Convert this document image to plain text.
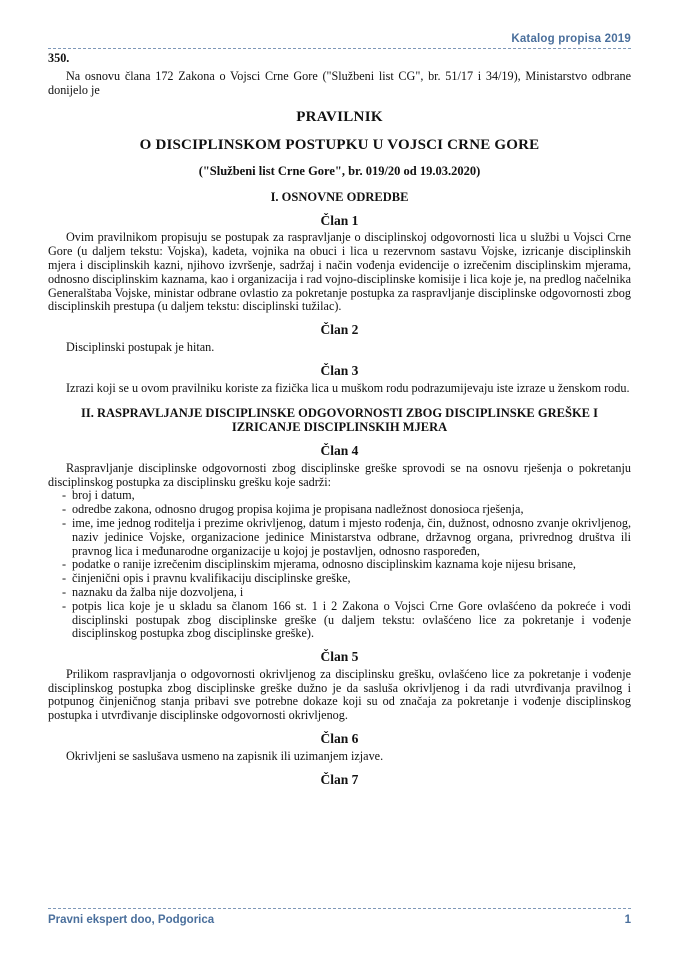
Katalog propisa 2019
350.

Na osnovu člana 172 Zakona o Vojsci Crne Gore ("Službeni list CG", br. 51/17 i 34/19), Ministarstvo odbrane donijelo je

PRAVILNIK
O DISCIPLINSKOM POSTUPKU U VOJSCI CRNE GORE
("Službeni list Crne Gore", br. 019/20 od 19.03.2020)
I. OSNOVNE ODREDBE
Član 1

Ovim pravilnikom propisuju se postupak za raspravljanje o disciplinskoj odgovornosti lica u službi u Vojsci Crne Gore (u daljem tekstu: Vojska), kadeta, vojnika na obuci i lica u rezervnom sastavu Vojske, izricanje disciplinskih mjera i disciplinskih kazni, njihovo izvršenje, sadržaj i način vođenja evidencije o izrečenim disciplinskim mjerama, odnosno disciplinskim kaznama, kao i organizacija i rad vojno-disciplinske komisije i lica koje je, na predlog načelnika Generalštaba Vojske, ministar odbrane ovlastio za pokretanje postupka za raspravljanje disciplinske odgovornosti zbog disciplinskih prestupa (u daljem tekstu: disciplinski tužilac).

Član 2

Disciplinski postupak je hitan.

Član 3

Izrazi koji se u ovom pravilniku koriste za fizička lica u muškom rodu podrazumijevaju iste izraze u ženskom rodu.

II. RASPRAVLJANJE DISCIPLINSKE ODGOVORNOSTI ZBOG DISCIPLINSKE GREŠKE I IZRICANJE DISCIPLINSKIH MJERA
Član 4

Raspravljanje disciplinske odgovornosti zbog disciplinske greške sprovodi se na osnovu rješenja o pokretanju disciplinskog postupka za disciplinsku grešku koje sadrži:

- broj i datum,
- odredbe zakona, odnosno drugog propisa kojima je propisana nadležnost donosioca rješenja,
- ime, ime jednog roditelja i prezime okrivljenog, datum i mjesto rođenja, čin, dužnost, odnosno zvanje okrivljenog, naziv jedinice Vojske, organizacione jedinice Ministarstva odbrane, državnog organa, privrednog društva ili pravnog lica i međunarodne organizacije u kojoj je postavljen, odnosno raspoređen,
- podatke o ranije izrečenim disciplinskim mjerama, odnosno disciplinskim kaznama koje nijesu brisane,
- činjenični opis i pravnu kvalifikaciju disciplinske greške,
- naznaku da žalba nije dozvoljena, i
- potpis lica koje je u skladu sa članom 166 st. 1 i 2 Zakona o Vojsci Crne Gore ovlašćeno da pokreće i vodi disciplinski postupak zbog disciplinske greške (u daljem tekstu: ovlašćeno lice za pokretanje i vođenje disciplinskog postupka zbog disciplinske greške).
Član 5

Prilikom raspravljanja o odgovornosti okrivljenog za disciplinsku grešku, ovlašćeno lice za pokretanje i vođenje disciplinskog postupka zbog disciplinske greške dužno je da sasluša okrivljenog i da radi utvrđivanja pravilnog i potpunog činjeničnog stanja pribavi sve potrebne dokaze koji su od značaja za pokretanje i vođenje disciplinskog postupka i utvrđivanje disciplinske odgovornosti okrivljenog.

Član 6

Okrivljeni se saslušava usmeno na zapisnik ili uzimanjem izjave.

Član 7
Pravni ekspert doo, Podgorica	1
